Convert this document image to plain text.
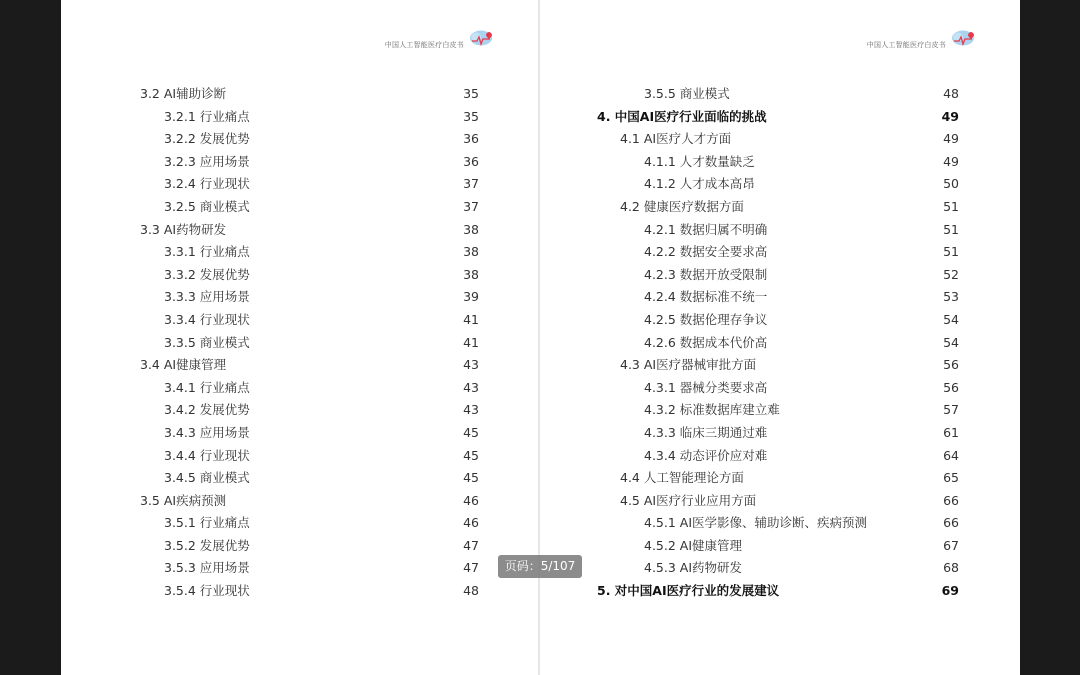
中国人工智能医疗白皮书
3.2 AI辅助诊断	35
3.2.1 行业痛点	35
3.2.2 发展优势	36
3.2.3 应用场景	36
3.2.4 行业现状	37
3.2.5 商业模式	37
3.3 AI药物研发	38
3.3.1 行业痛点	38
3.3.2 发展优势	38
3.3.3 应用场景	39
3.3.4 行业现状	41
3.3.5 商业模式	41
3.4 AI健康管理	43
3.4.1 行业痛点	43
3.4.2 发展优势	43
3.4.3 应用场景	45
3.4.4 行业现状	45
3.4.5 商业模式	45
3.5 AI疾病预测	46
3.5.1 行业痛点	46
3.5.2 发展优势	47
3.5.3 应用场景	47
3.5.4 行业现状	48
中国人工智能医疗白皮书
3.5.5 商业模式	48
4. 中国AI医疗行业面临的挑战	49
4.1 AI医疗人才方面	49
4.1.1 人才数量缺乏	49
4.1.2 人才成本高昂	50
4.2 健康医疗数据方面	51
4.2.1 数据归属不明确	51
4.2.2 数据安全要求高	51
4.2.3 数据开放受限制	52
4.2.4 数据标准不统一	53
4.2.5 数据伦理存争议	54
4.2.6 数据成本代价高	54
4.3 AI医疗器械审批方面	56
4.3.1 器械分类要求高	56
4.3.2 标准数据库建立难	57
4.3.3 临床三期通过难	61
4.3.4 动态评价应对难	64
4.4 人工智能理论方面	65
4.5 AI医疗行业应用方面	66
4.5.1 AI医学影像、辅助诊断、疾病预测	66
4.5.2 AI健康管理	67
4.5.3 AI药物研发	68
5. 对中国AI医疗行业的发展建议	69
页码：5/107
